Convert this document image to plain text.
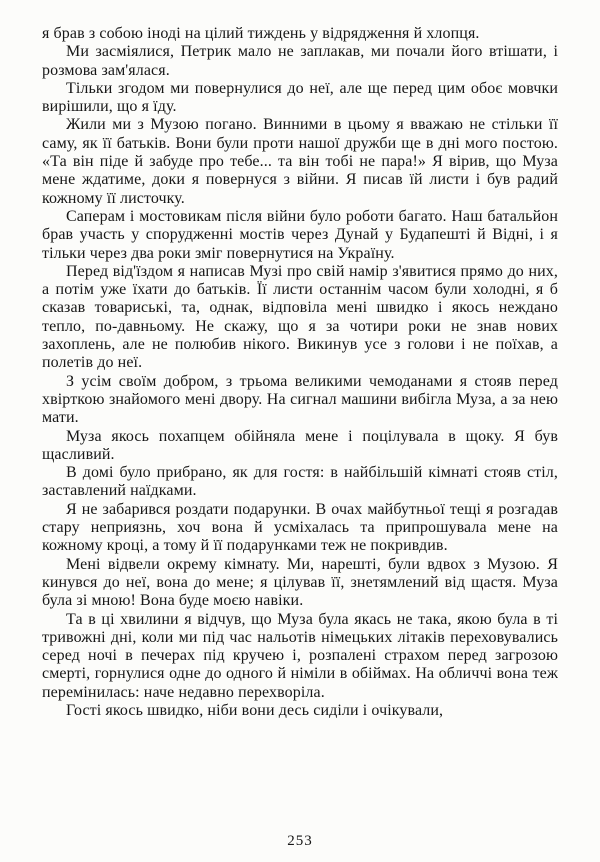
я брав з собою іноді на цілий тиждень у відрядження й хлопця.

Ми засміялися, Петрик мало не заплакав, ми почали його втішати, і розмова зам'ялася.

Тільки згодом ми повернулися до неї, але ще перед цим обоє мовчки вирішили, що я їду.

Жили ми з Музою погано. Винними в цьому я вважаю не стільки її саму, як її батьків. Вони були проти нашої дружби ще в дні мого постою. «Та він піде й забуде про тебе... та він тобі не пара!» Я вірив, що Муза мене ждатиме, доки я повернуся з війни. Я писав їй листи і був радий кожному її листочку.

Саперам і мостовикам після війни було роботи багато. Наш батальйон брав участь у спорудженні мостів через Дунай у Будапешті й Відні, і я тільки через два роки зміг повернутися на Україну.

Перед від'їздом я написав Музі про свій намір з'явитися прямо до них, а потім уже їхати до батьків. Її листи останнім часом були холодні, я б сказав товариські, та, однак, відповіла мені швидко і якось неждано тепло, по-давньому. Не скажу, що я за чотири роки не знав нових захоплень, але не полюбив нікого. Викинув усе з голови і не поїхав, а полетів до неї.

З усім своїм добром, з трьома великими чемоданами я стояв перед хвірткою знайомого мені двору. На сигнал машини вибігла Муза, а за нею мати.

Муза якось похапцем обійняла мене і поцілувала в щоку. Я був щасливий.

В домі було прибрано, як для гостя: в найбільшій кімнаті стояв стіл, заставлений наїдками.

Я не забарився роздати подарунки. В очах майбутньої тещі я розгадав стару неприязнь, хоч вона й усміхалась та припрошувала мене на кожному кроці, а тому й її подарунками теж не покривдив.

Мені відвели окрему кімнату. Ми, нарешті, були вдвох з Музою. Я кинувся до неї, вона до мене; я цілував її, знетямлений від щастя. Муза була зі мною! Вона буде моєю навіки.

Та в ці хвилини я відчув, що Муза була якась не така, якою була в ті тривожні дні, коли ми під час нальотів німецьких літаків переховувались серед ночі в печерах під кручею і, розпалені страхом перед загрозою смерті, горнулися одне до одного й німіли в обіймах. На обличчі вона теж перемінилась: наче недавно перехворіла.

Гості якось швидко, ніби вони десь сиділи і очікували,

253
